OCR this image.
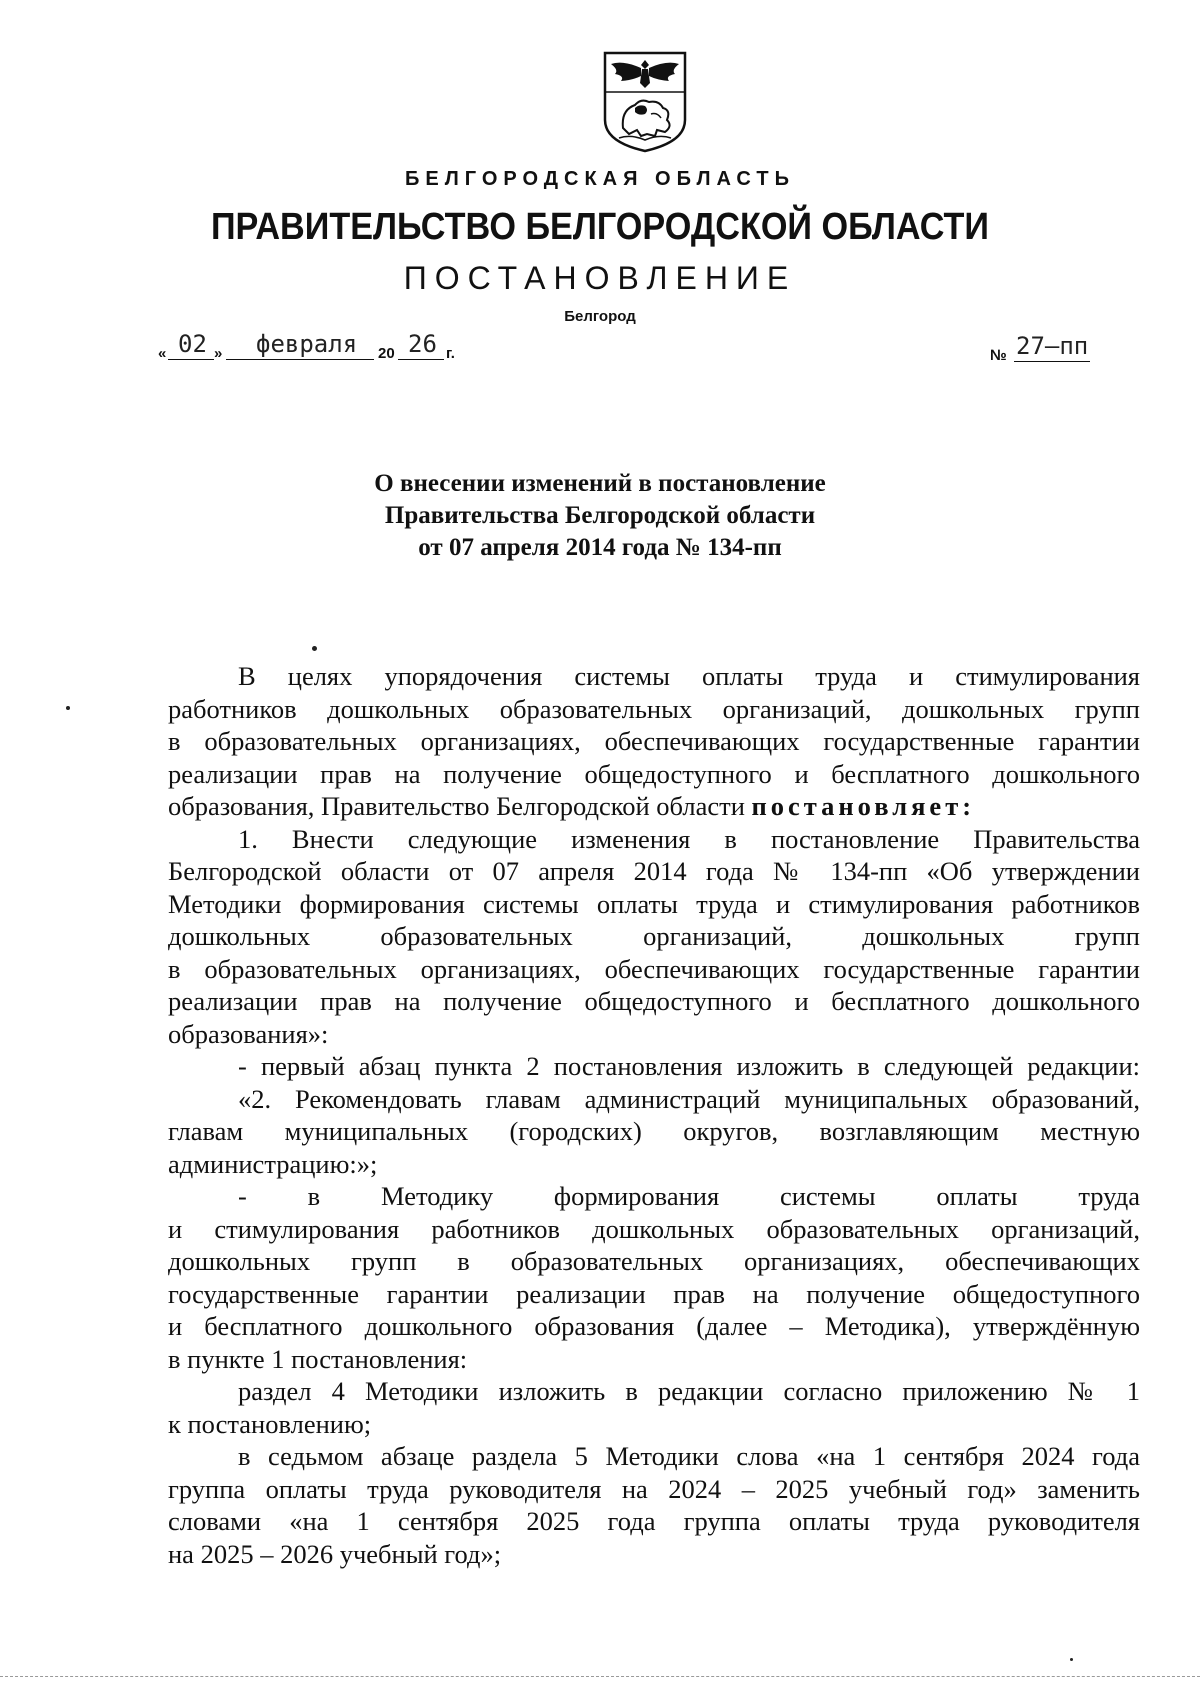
БЕЛГОРОДСКАЯ ОБЛАСТЬ
ПРАВИТЕЛЬСТВО БЕЛГОРОДСКОЙ ОБЛАСТИ
ПОСТАНОВЛЕНИЕ
Белгород
« 02 » февраля 20 26 г.	№ 27–пп
О внесении изменений в постановление
Правительства Белгородской области
от 07 апреля 2014 года № 134-пп

В целях упорядочения системы оплаты труда и стимулирования

работников дошкольных образовательных организаций, дошкольных групп

в образовательных организациях, обеспечивающих государственные гарантии

реализации прав на получение общедоступного и бесплатного дошкольного

образования, Правительство Белгородской области постановляет:

1. Внести следующие изменения в постановление Правительства

Белгородской области от 07 апреля 2014 года № 134-пп «Об утверждении

Методики формирования системы оплаты труда и стимулирования работников

дошкольных образовательных организаций, дошкольных групп

в образовательных организациях, обеспечивающих государственные гарантии

реализации прав на получение общедоступного и бесплатного дошкольного

образования»:

- первый абзац пункта 2 постановления изложить в следующей редакции:

«2. Рекомендовать главам администраций муниципальных образований,

главам муниципальных (городских) округов, возглавляющим местную

администрацию:»;

- в Методику формирования системы оплаты труда

и стимулирования работников дошкольных образовательных организаций,

дошкольных групп в образовательных организациях, обеспечивающих

государственные гарантии реализации прав на получение общедоступного

и бесплатного дошкольного образования (далее – Методика), утверждённую

в пункте 1 постановления:

раздел 4 Методики изложить в редакции согласно приложению № 1

к постановлению;

в седьмом абзаце раздела 5 Методики слова «на 1 сентября 2024 года

группа оплаты труда руководителя на 2024 – 2025 учебный год» заменить

словами «на 1 сентября 2025 года группа оплаты труда руководителя

на 2025 – 2026 учебный год»;
